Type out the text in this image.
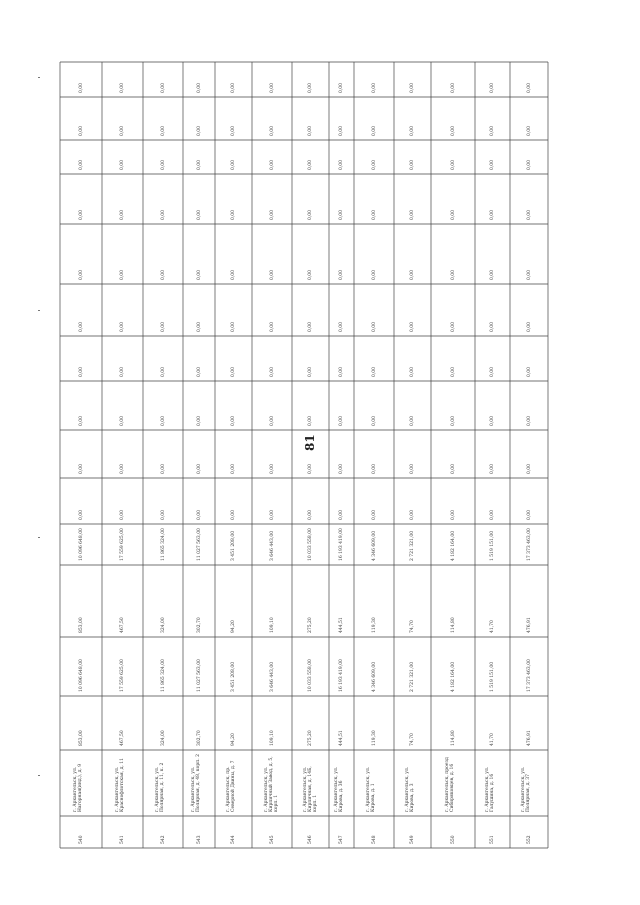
81
540
г. Архангельск, ул. Нагорная(инд.), д. 9
853,00
10 096 648,00
853,00
10 096 648,00
0,00
0,00
0,00
0,00
0,00
0,00
0,00
0,00
0,00
0,00
541
г. Архангельск, ул. Краснофлотская, д. 11
467,50
17 559 625,00
467,50
17 559 625,00
0,00
0,00
0,00
0,00
0,00
0,00
0,00
0,00
0,00
0,00
542
г. Архангельск, ул. Полярная, д. 11, к. 2
324,00
11 865 324,00
324,00
11 865 324,00
0,00
0,00
0,00
0,00
0,00
0,00
0,00
0,00
0,00
0,00
543
г. Архангельск, ул. Полярная, д. 48, корп. 2
302,70
11 027 563,00
302,70
11 027 563,00
0,00
0,00
0,00
0,00
0,00
0,00
0,00
0,00
0,00
0,00
544
г. Архангельск, пр. Северной Двины, д. 7
94,20
3 451 208,00
94,20
3 451 208,00
0,00
0,00
0,00
0,00
0,00
0,00
0,00
0,00
0,00
0,00
545
г. Архангельск, ул. Кирпичный Завод, д. 5, корп. 1
109,10
3 646 443,00
109,10
3 646 443,00
0,00
0,00
0,00
0,00
0,00
0,00
0,00
0,00
0,00
0,00
546
г. Архангельск, ул. Кирпичная, д. 14Б, корп. 1
275,20
10 033 558,00
275,20
10 033 558,00
0,00
0,00
0,00
0,00
0,00
0,00
0,00
0,00
0,00
0,00
547
г. Архангельск, ул. Кирова, д. 36
444,51
16 193 419,00
444,51
16 193 419,00
0,00
0,00
0,00
0,00
0,00
0,00
0,00
0,00
0,00
0,00
548
г. Архангельск, ул. Кирова, д. 1
119,30
4 346 609,00
119,30
4 346 609,00
0,00
0,00
0,00
0,00
0,00
0,00
0,00
0,00
0,00
0,00
549
г. Архангельск, ул. Кирова, д. 3
74,70
2 721 321,00
74,70
2 721 321,00
0,00
0,00
0,00
0,00
0,00
0,00
0,00
0,00
0,00
0,00
550
г. Архангельск, проезд Сибиряковцев, д. 16
114,80
4 182 164,00
114,80
4 182 164,00
0,00
0,00
0,00
0,00
0,00
0,00
0,00
0,00
0,00
0,00
551
г. Архангельск, ул. Галушина, д. 16
41,70
1 519 151,00
41,70
1 519 151,00
0,00
0,00
0,00
0,00
0,00
0,00
0,00
0,00
0,00
0,00
552
г. Архангельск, ул. Полярная, д. 37
476,91
17 373 463,00
476,91
17 373 463,00
0,00
0,00
0,00
0,00
0,00
0,00
0,00
0,00
0,00
0,00
